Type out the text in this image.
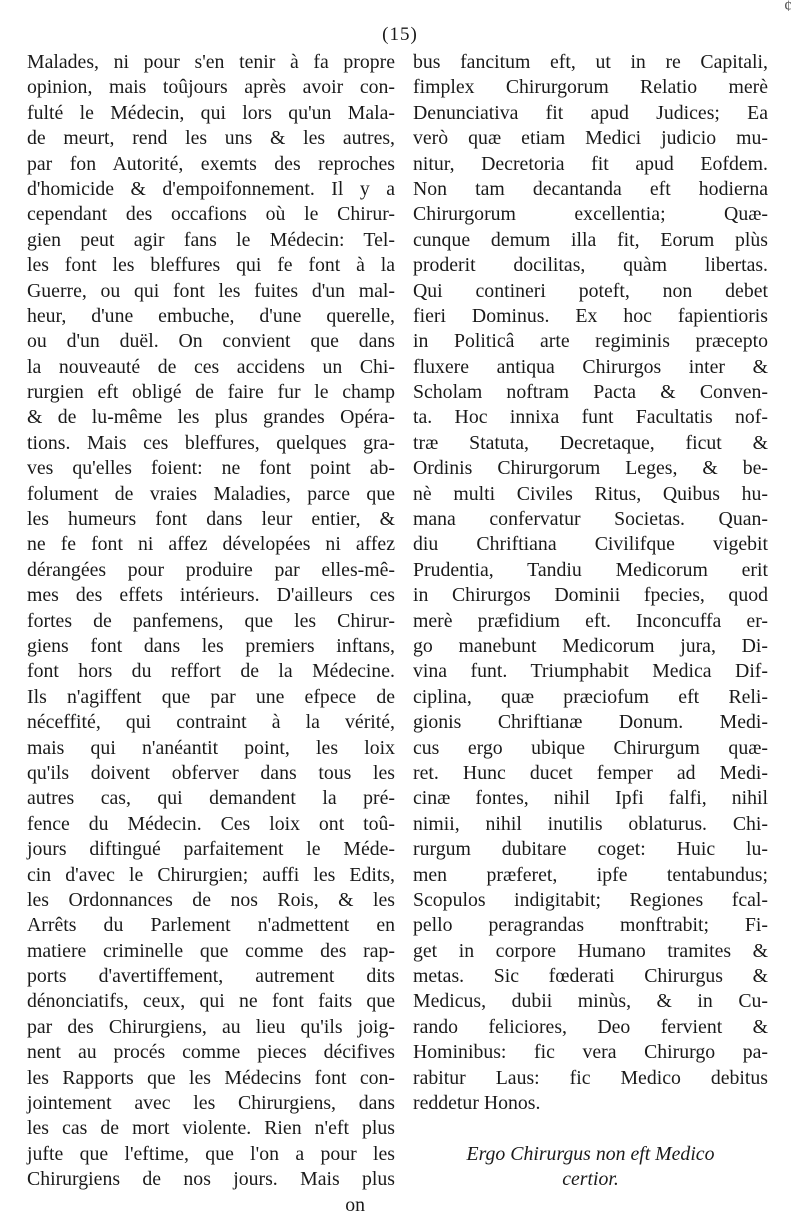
(15)
¢
Malades, ni pour s'en tenir à fa propre
opinion, mais toûjours après avoir con-
fulté le Médecin, qui lors qu'un Mala-
de meurt, rend les uns & les autres,
par fon Autorité, exemts des reproches
d'homicide & d'empoifonnement. Il y a
cependant des occafions où le Chirur-
gien peut agir fans le Médecin: Tel-
les font les bleffures qui fe font à la
Guerre, ou qui font les fuites d'un mal-
heur, d'une embuche, d'une querelle,
ou d'un duël. On convient que dans
la nouveauté de ces accidens un Chi-
rurgien eft obligé de faire fur le champ
& de lu-même les plus grandes Opéra-
tions. Mais ces bleffures, quelques gra-
ves qu'elles foient: ne font point ab-
folument de vraies Maladies, parce que
les humeurs font dans leur entier, &
ne fe font ni affez dévelopées ni affez
dérangées pour produire par elles-mê-
mes des effets intérieurs. D'ailleurs ces
fortes de panfemens, que les Chirur-
giens font dans les premiers inftans,
font hors du reffort de la Médecine.
Ils n'agiffent que par une efpece de
néceffité, qui contraint à la vérité,
mais qui n'anéantit point, les loix
qu'ils doivent obferver dans tous les
autres cas, qui demandent la pré-
fence du Médecin. Ces loix ont toû-
jours diftingué parfaitement le Méde-
cin d'avec le Chirurgien; auffi les Edits,
les Ordonnances de nos Rois, & les
Arrêts du Parlement n'admettent en
matiere criminelle que comme des rap-
ports d'avertiffement, autrement dits
dénonciatifs, ceux, qui ne font faits que
par des Chirurgiens, au lieu qu'ils joig-
nent au procés comme pieces décifives
les Rapports que les Médecins font con-
jointement avec les Chirurgiens, dans
les cas de mort violente. Rien n'eft plus
jufte que l'eftime, que l'on a pour les
Chirurgiens de nos jours. Mais plus
on
bus fancitum eft, ut in re Capitali,
fimplex Chirurgorum Relatio merè
Denunciativa fit apud Judices; Ea
verò quæ etiam Medici judicio mu-
nitur, Decretoria fit apud Eofdem.
Non tam decantanda eft hodierna
Chirurgorum excellentia; Quæ-
cunque demum illa fit, Eorum plùs
proderit docilitas, quàm libertas.
Qui contineri poteft, non debet
fieri Dominus. Ex hoc fapientioris
in Politicâ arte regiminis præcepto
fluxere antiqua Chirurgos inter &
Scholam noftram Pacta & Conven-
ta. Hoc innixa funt Facultatis nof-
træ Statuta, Decretaque, ficut &
Ordinis Chirurgorum Leges, & be-
nè multi Civiles Ritus, Quibus hu-
mana confervatur Societas. Quan-
diu Chriftiana Civilifque vigebit
Prudentia, Tandiu Medicorum erit
in Chirurgos Dominii fpecies, quod
merè præfidium eft. Inconcuffa er-
go manebunt Medicorum jura, Di-
vina funt. Triumphabit Medica Dif-
ciplina, quæ præciofum eft Reli-
gionis Chriftianæ Donum. Medi-
cus ergo ubique Chirurgum quæ-
ret. Hunc ducet femper ad Medi-
cinæ fontes, nihil Ipfi falfi, nihil
nimii, nihil inutilis oblaturus. Chi-
rurgum dubitare coget: Huic lu-
men præferet, ipfe tentabundus;
Scopulos indigitabit; Regiones fcal-
pello peragrandas monftrabit; Fi-
get in corpore Humano tramites &
metas. Sic fœderati Chirurgus &
Medicus, dubii minùs, & in Cu-
rando feliciores, Deo fervient &
Hominibus: fic vera Chirurgo pa-
rabitur Laus: fic Medico debitus
reddetur Honos.
Ergo Chirurgus non eft Medico
certior.
